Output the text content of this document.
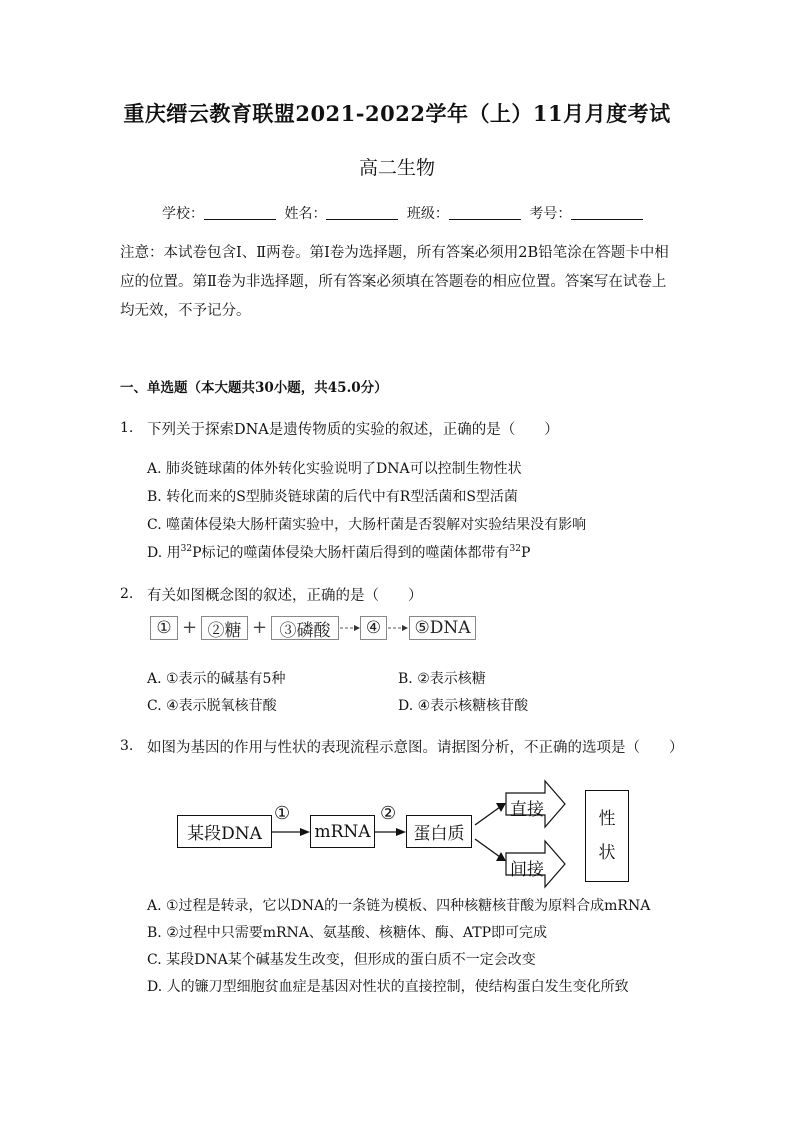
重庆缙云教育联盟2021-2022学年（上）11月月度考试
高二生物
学校：	姓名：	班级：	考号：
注意：本试卷包含Ⅰ、Ⅱ两卷。第Ⅰ卷为选择题，所有答案必须用2B铅笔涂在答题卡中相应的位置。第Ⅱ卷为非选择题，所有答案必须填在答题卷的相应位置。答案写在试卷上均无效，不予记分。
一、单选题（本大题共30小题，共45.0分）
1. 下列关于探索DNA是遗传物质的实验的叙述，正确的是（　　）
A. 肺炎链球菌的体外转化实验说明了DNA可以控制生物性状
B. 转化而来的S型肺炎链球菌的后代中有R型活菌和S型活菌
C. 噬菌体侵染大肠杆菌实验中，大肠杆菌是否裂解对实验结果没有影响
D. 用$^{32}$P标记的噬菌体侵染大肠杆菌后得到的噬菌体都带有$^{32}$P
2. 有关如图概念图的叙述，正确的是（　　）
① + ②糖 + ③磷酸	④	⑤DNA
A. ①表示的碱基有5种	B. ②表示核糖
C. ④表示脱氧核苷酸	D. ④表示核糖核苷酸
3. 如图为基因的作用与性状的表现流程示意图。请据图分析，不正确的选项是（　　）
某段DNA
①
mRNA
②
蛋白质
直接
间接
性
状
A. ①过程是转录，它以DNA的一条链为模板、四种核糖核苷酸为原料合成mRNA
B. ②过程中只需要mRNA、氨基酸、核糖体、酶、ATP即可完成
C. 某段DNA某个碱基发生改变，但形成的蛋白质不一定会改变
D. 人的镰刀型细胞贫血症是基因对性状的直接控制，使结构蛋白发生变化所致
